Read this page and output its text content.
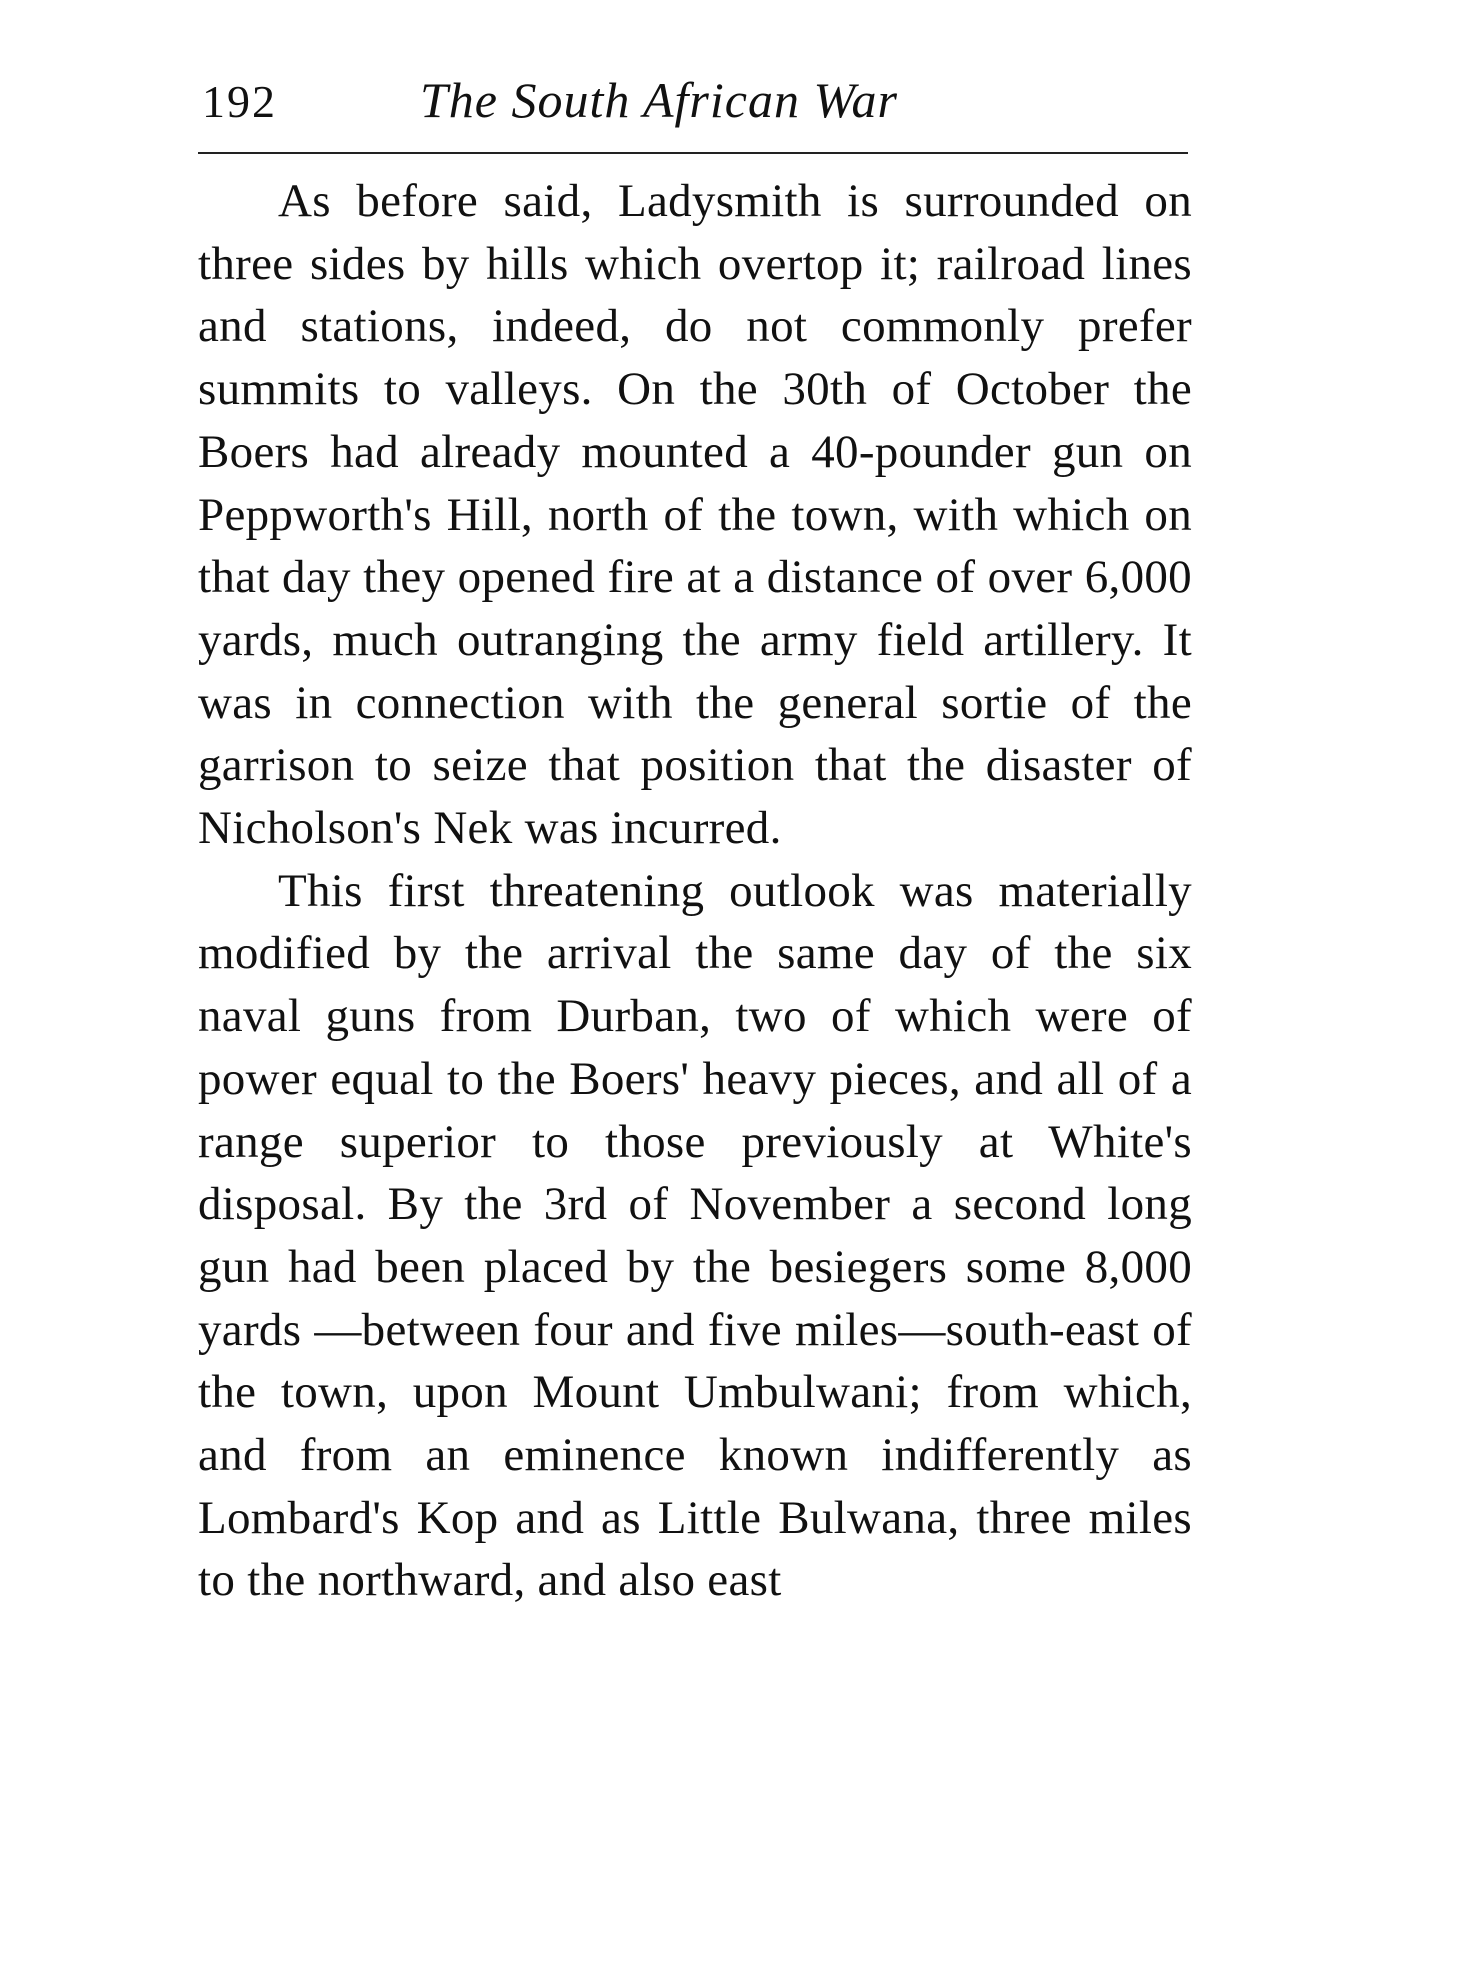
192	The South African War

As before said, Ladysmith is surrounded on three sides by hills which overtop it; railroad lines and stations, indeed, do not commonly prefer summits to valleys. On the 30th of October the Boers had already mounted a 40-pounder gun on Peppworth's Hill, north of the town, with which on that day they opened fire at a distance of over 6,000 yards, much outranging the army field artillery. It was in connection with the general sortie of the garrison to seize that position that the disaster of Nicholson's Nek was incurred.

This first threatening outlook was materially modified by the arrival the same day of the six naval guns from Durban, two of which were of power equal to the Boers' heavy pieces, and all of a range superior to those previously at White's disposal. By the 3rd of November a second long gun had been placed by the besiegers some 8,000 yards —between four and five miles—south-east of the town, upon Mount Umbulwani; from which, and from an eminence known indifferently as Lombard's Kop and as Little Bulwana, three miles to the northward, and also east
